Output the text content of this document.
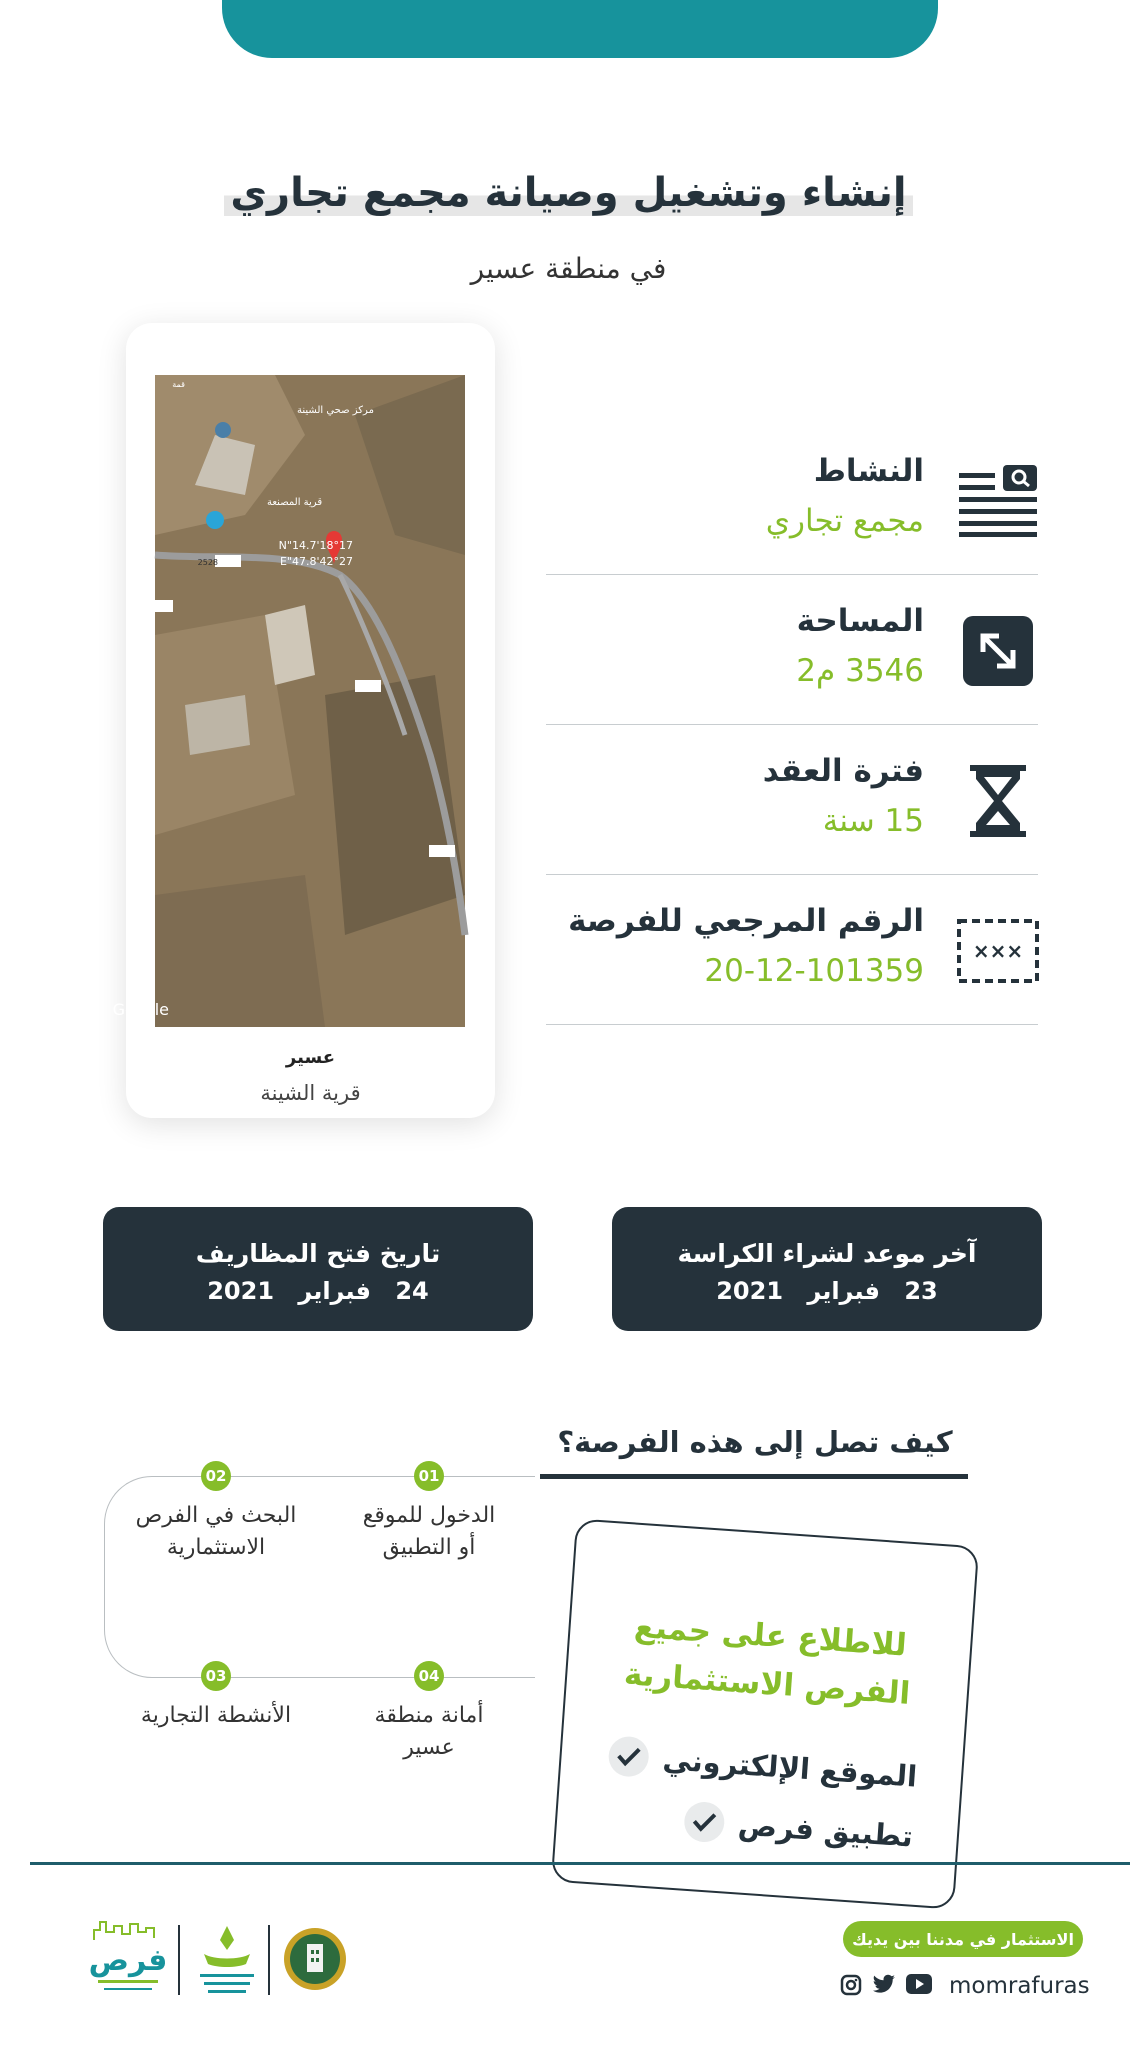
إنشاء وتشغيل وصيانة مجمع تجاري
في منطقة عسير
2528
18°17'14.7"N
42°27'47.8"E
مركز صحي الشينة
قرية المصنعة
قمة
Google
عسير
قرية الشينة
النشاط
مجمع تجاري
المساحة
3546 م2
فترة العقد
15 سنة
×××
الرقم المرجعي للفرصة
20-12-101359
آخر موعد لشراء الكراسة
23 فبراير 2021
تاريخ فتح المظاريف
24 فبراير 2021
كيف تصل إلى هذه الفرصة؟
01
الدخول للموقع
أو التطبيق
02
البحث في الفرص
الاستثمارية
03
الأنشطة التجارية
04
أمانة منطقة
عسير
للاطلاع على جميع
الفرص الاستثمارية
الموقع الإلكتروني
تطبيق فرص
الاستثمار في مدننا بين يديك
momrafuras
فرص
